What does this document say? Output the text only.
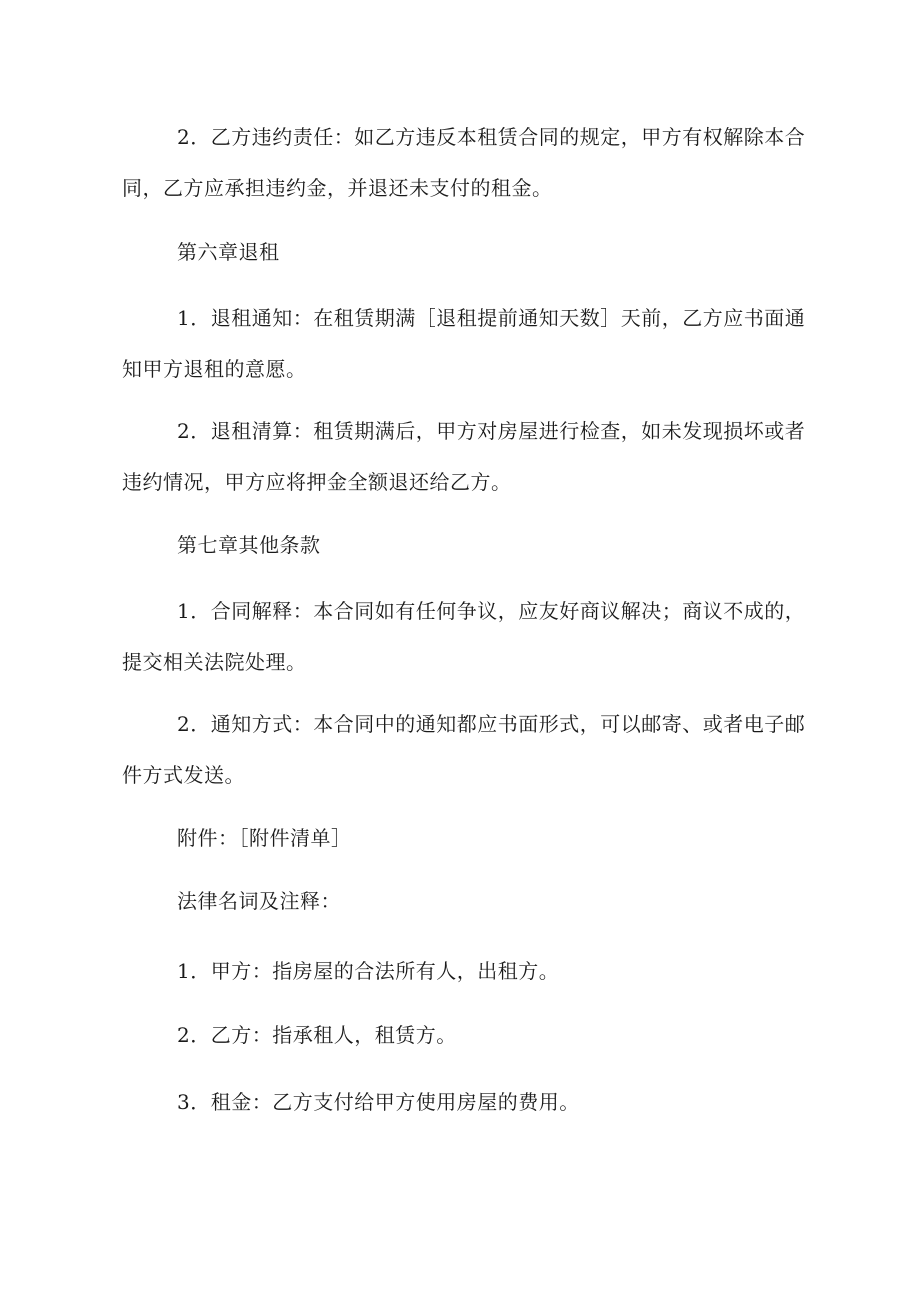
2．乙方违约责任：如乙方违反本租赁合同的规定，甲方有权解除本合同，乙方应承担违约金，并退还未支付的租金。

第六章退租

1．退租通知：在租赁期满［退租提前通知天数］天前，乙方应书面通知甲方退租的意愿。

2．退租清算：租赁期满后，甲方对房屋进行检查，如未发现损坏或者违约情况，甲方应将押金全额退还给乙方。

第七章其他条款

1．合同解释：本合同如有任何争议，应友好商议解决；商议不成的，提交相关法院处理。

2．通知方式：本合同中的通知都应书面形式，可以邮寄、或者电子邮件方式发送。

附件：［附件清单］

法律名词及注释：

1．甲方：指房屋的合法所有人，出租方。

2．乙方：指承租人，租赁方。

3．租金：乙方支付给甲方使用房屋的费用。
